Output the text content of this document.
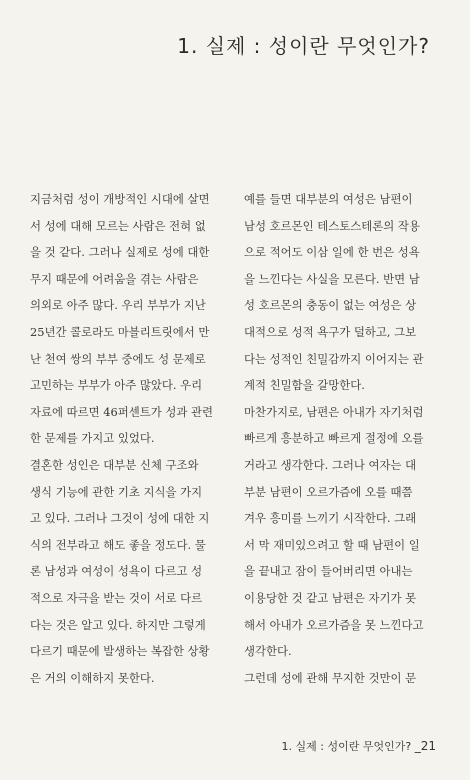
1. 실제 : 성이란 무엇인가?
지금처럼 성이 개방적인 시대에 살면
서 성에 대해 모르는 사람은 전혀 없
을 것 같다. 그러나 실제로 성에 대한
무지 때문에 어려움을 겪는 사람은
의외로 아주 많다. 우리 부부가 지난
25년간 콜로라도 마블리트릿에서 만
난 천여 쌍의 부부 중에도 성 문제로
고민하는 부부가 아주 많았다. 우리
자료에 따르면 46퍼센트가 성과 관련
한 문제를 가지고 있었다.
결혼한 성인은 대부분 신체 구조와
생식 기능에 관한 기초 지식을 가지
고 있다. 그러나 그것이 성에 대한 지
식의 전부라고 해도 좋을 정도다. 물
론 남성과 여성이 성욕이 다르고 성
적으로 자극을 받는 것이 서로 다르
다는 것은 알고 있다. 하지만 그렇게
다르기 때문에 발생하는 복잡한 상황
은 거의 이해하지 못한다.
예를 들면 대부분의 여성은 남편이
남성 호르몬인 테스토스테론의 작용
으로 적어도 이삼 일에 한 번은 성욕
을 느낀다는 사실을 모른다. 반면 남
성 호르몬의 충동이 없는 여성은 상
대적으로 성적 욕구가 덜하고, 그보
다는 성적인 친밀감까지 이어지는 관
계적 친밀함을 갈망한다.
마찬가지로, 남편은 아내가 자기처럼
빠르게 흥분하고 빠르게 절정에 오를
거라고 생각한다. 그러나 여자는 대
부분 남편이 오르가즘에 오를 때쯤
겨우 흥미를 느끼기 시작한다. 그래
서 막 재미있으려고 할 때 남편이 일
을 끝내고 잠이 들어버리면 아내는
이용당한 것 같고 남편은 자기가 못
해서 아내가 오르가즘을 못 느낀다고
생각한다.
그런데 성에 관해 무지한 것만이 문
1. 실제 : 성이란 무엇인가? _21
